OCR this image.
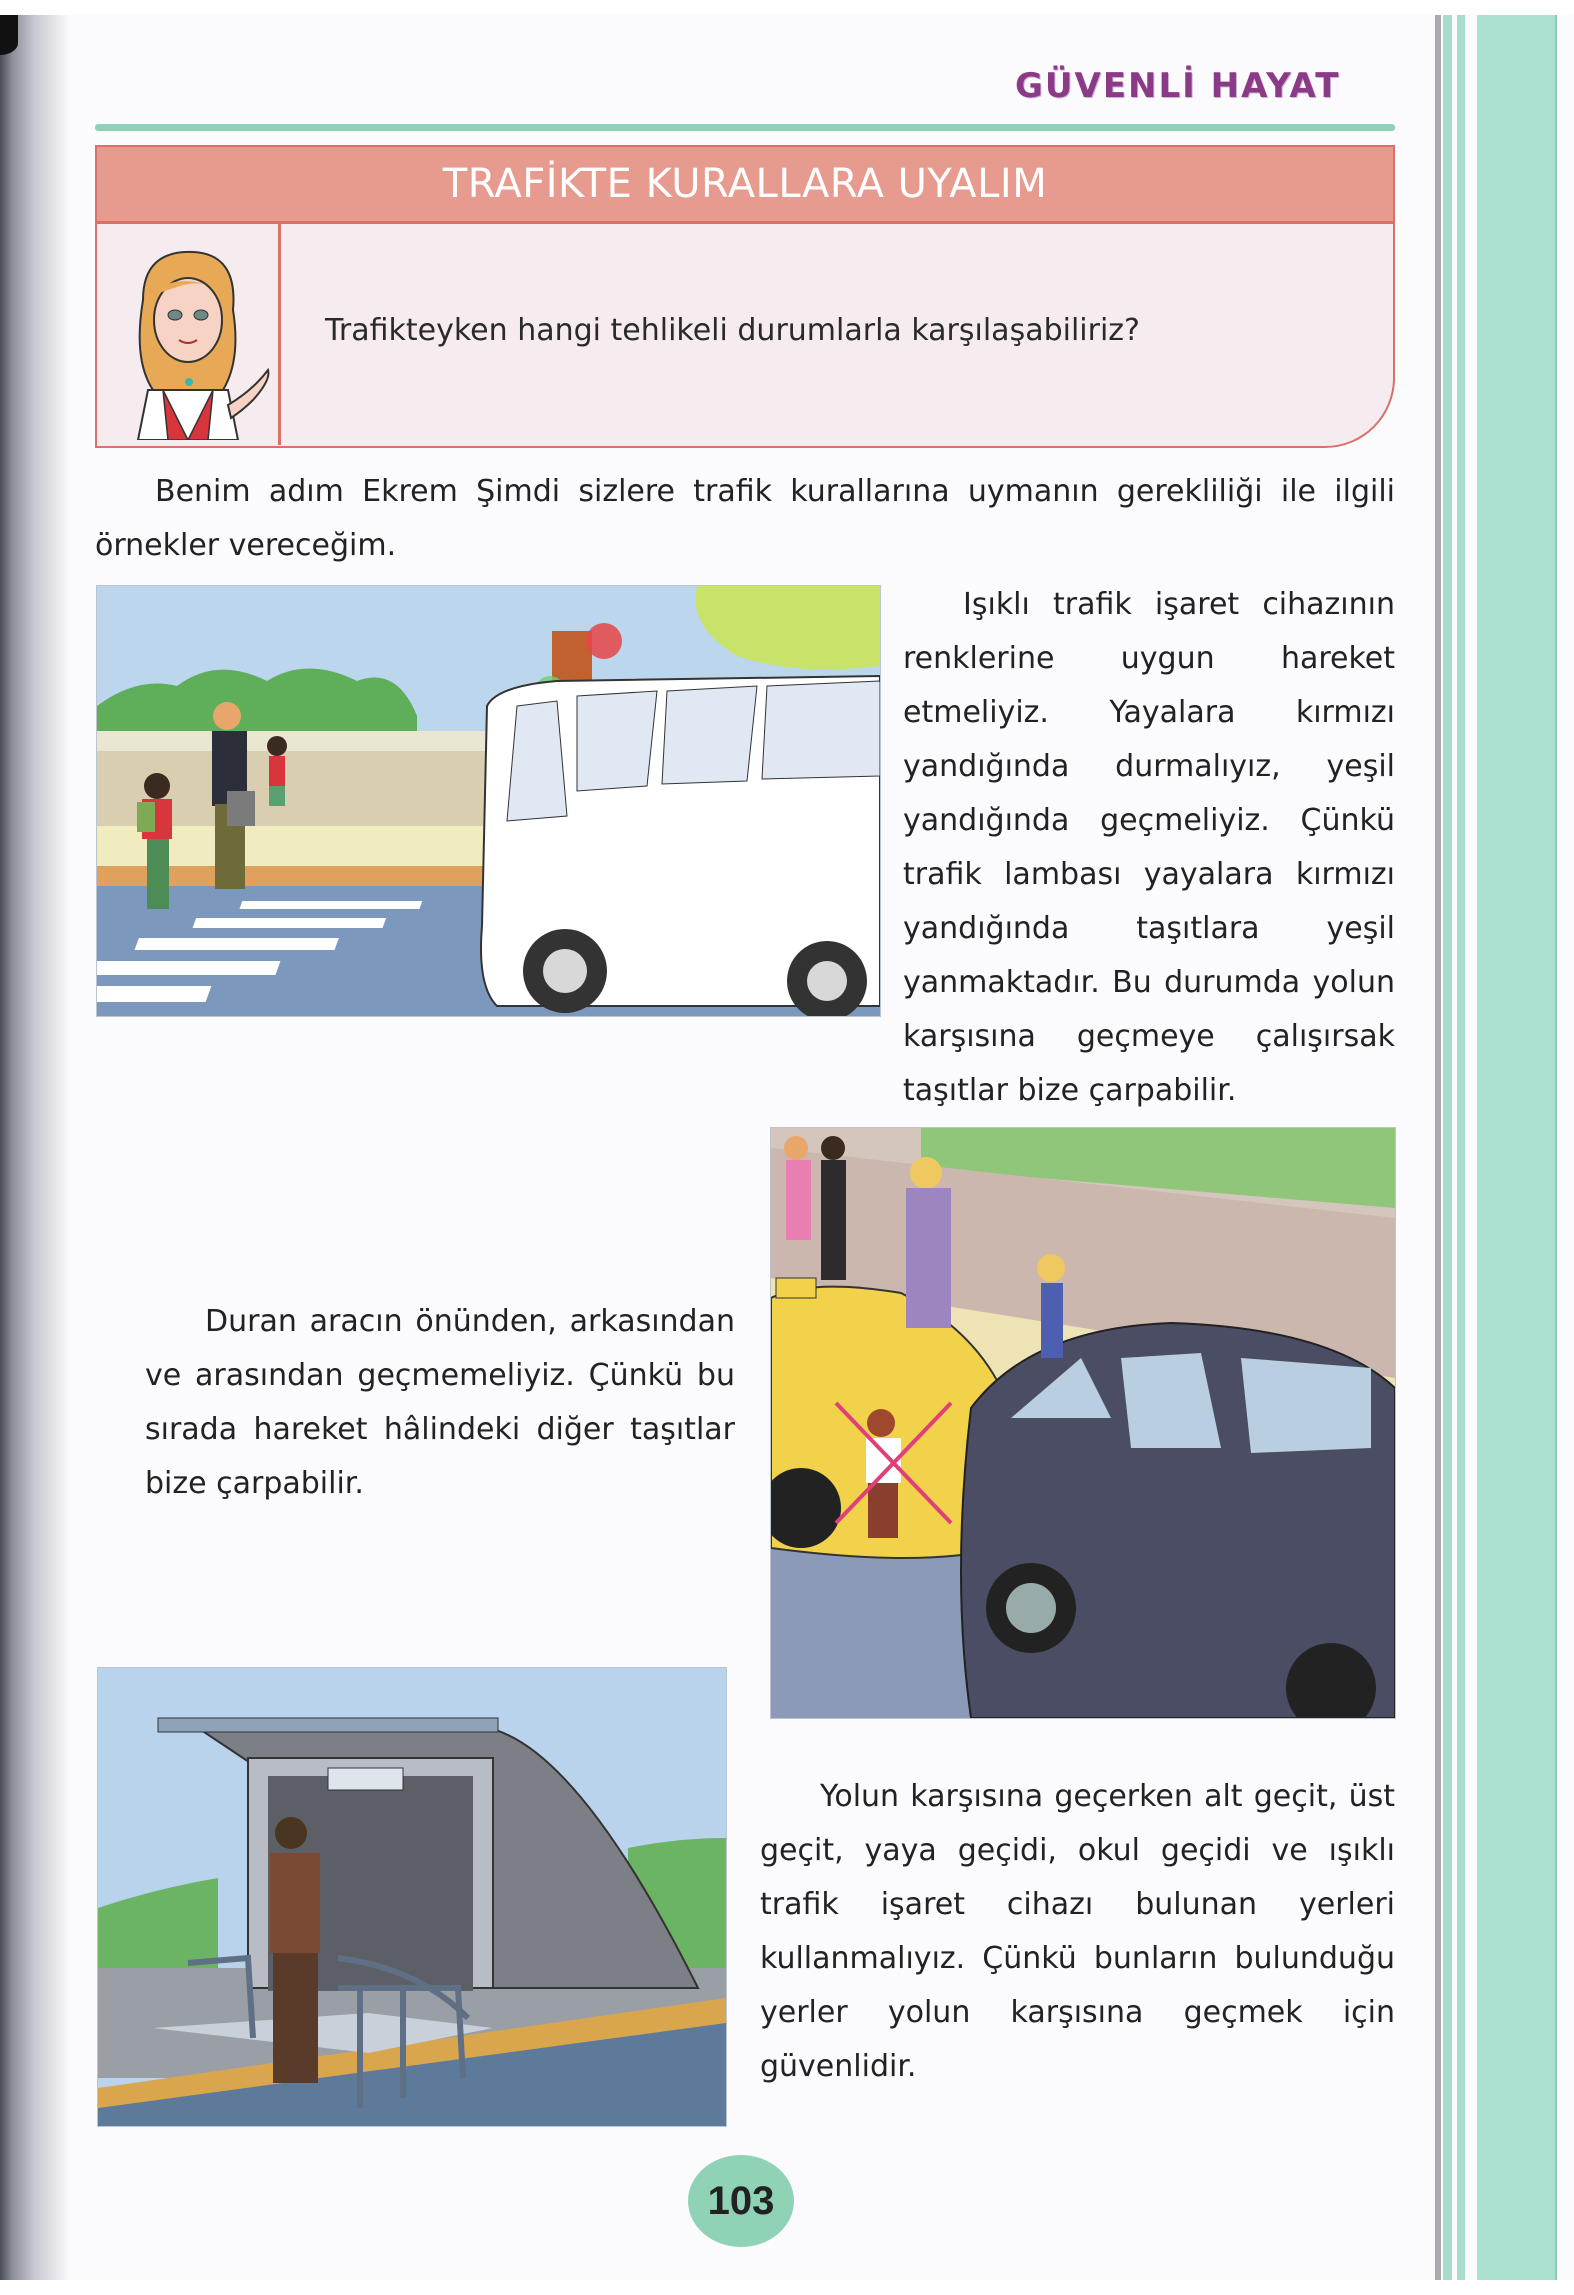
GÜVENLİ HAYAT
TRAFİKTE KURALLARA UYALIM
Trafikteyken hangi tehlikeli durumlarla karşılaşabiliriz?

Benim adım Ekrem Şimdi sizlere trafik kurallarına uymanın gerekliliği ile ilgili örnekler vereceğim.

Işıklı trafik işaret cihazının renklerine uygun hareket etmeliyiz. Yayalara kırmızı yandığında durmalıyız, yeşil yandığında geçmeliyiz. Çünkü trafik lambası yayalara kırmızı yandığında taşıtlara yeşil yanmaktadır. Bu durumda yolun karşısına geçmeye çalışırsak taşıtlar bize çarpabilir.

Duran aracın önünden, arkasından ve arasından geçmemeliyiz. Çünkü bu sırada hareket hâlindeki diğer taşıtlar bize çarpabilir.

Yolun karşısına geçerken alt geçit, üst geçit, yaya geçidi, okul geçidi ve ışıklı trafik işaret cihazı bulunan yerleri kullanmalıyız. Çünkü bunların bulunduğu yerler yolun karşısına geçmek için güvenlidir.

103
